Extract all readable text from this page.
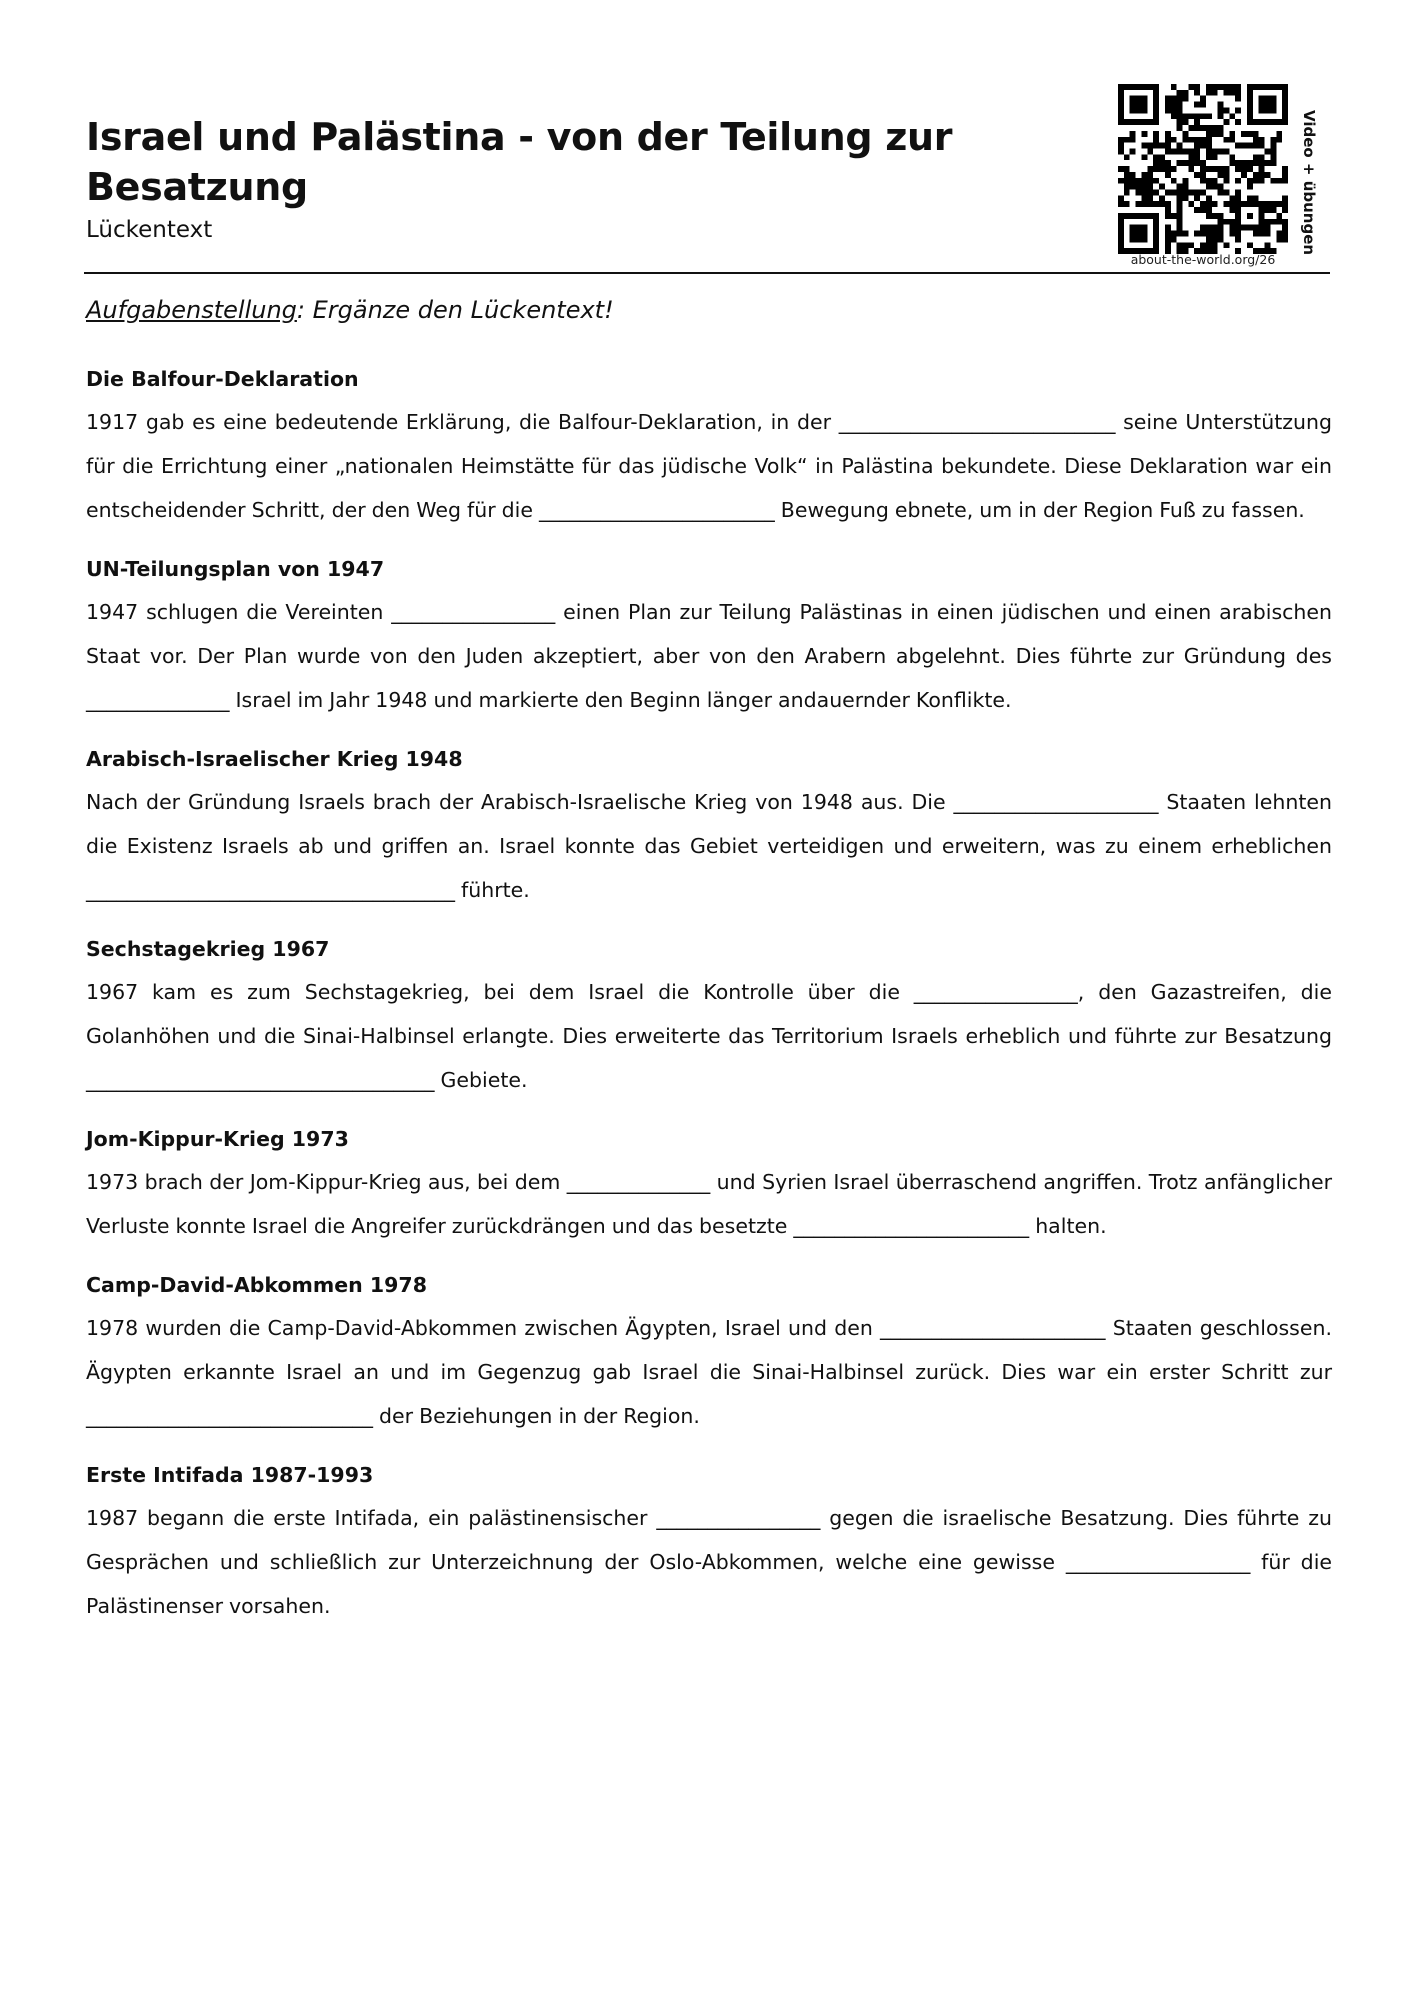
Israel und Palästina - von der Teilung zur Besatzung
Lückentext
about-the-world.org/26
Video + übungen
Aufgabenstellung: Ergänze den Lückentext!

Die Balfour-Deklaration

1917 gab es eine bedeutende Erklärung, die Balfour-Deklaration, in der ___________________________ seine Unterstützung für die Errichtung einer „nationalen Heimstätte für das jüdische Volk“ in Palästina bekundete. Diese Deklaration war ein entscheidender Schritt, der den Weg für die _______________________ Bewegung ebnete, um in der Region Fuß zu fassen.

UN-Teilungsplan von 1947

1947 schlugen die Vereinten ________________ einen Plan zur Teilung Palästinas in einen jüdischen und einen arabischen Staat vor. Der Plan wurde von den Juden akzeptiert, aber von den Arabern abgelehnt. Dies führte zur Gründung des ______________ Israel im Jahr 1948 und markierte den Beginn länger andauernder Konflikte.

Arabisch-Israelischer Krieg 1948

Nach der Gründung Israels brach der Arabisch-Israelische Krieg von 1948 aus. Die ____________________ Staaten lehnten die Existenz Israels ab und griffen an. Israel konnte das Gebiet verteidigen und erweitern, was zu einem erheblichen ____________________________________ führte.

Sechstagekrieg 1967

1967 kam es zum Sechstagekrieg, bei dem Israel die Kontrolle über die ________________, den Gazastreifen, die Golanhöhen und die Sinai-Halbinsel erlangte. Dies erweiterte das Territorium Israels erheblich und führte zur Besatzung __________________________________ Gebiete.

Jom-Kippur-Krieg 1973

1973 brach der Jom-Kippur-Krieg aus, bei dem ______________ und Syrien Israel überraschend angriffen. Trotz anfänglicher Verluste konnte Israel die Angreifer zurückdrängen und das besetzte _______________________ halten.

Camp-David-Abkommen 1978

1978 wurden die Camp-David-Abkommen zwischen Ägypten, Israel und den ______________________ Staaten geschlossen. Ägypten erkannte Israel an und im Gegenzug gab Israel die Sinai-Halbinsel zurück. Dies war ein erster Schritt zur ____________________________ der Beziehungen in der Region.

Erste Intifada 1987-1993

1987 begann die erste Intifada, ein palästinensischer ________________ gegen die israelische Besatzung. Dies führte zu Gesprächen und schließlich zur Unterzeichnung der Oslo-Abkommen, welche eine gewisse __________________ für die Palästinenser vorsahen.
